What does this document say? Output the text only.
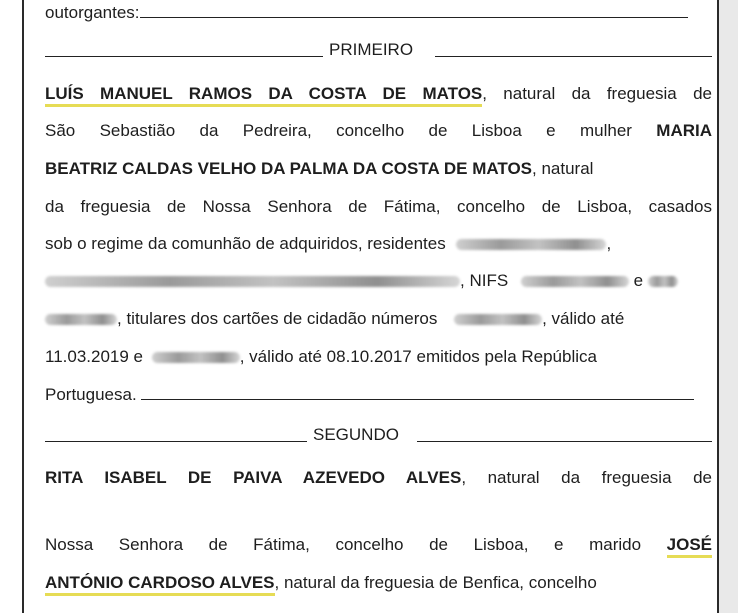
outorgantes:
PRIMEIRO
LUÍS MANUEL RAMOS DA COSTA DE MATOS, natural da freguesia de
São Sebastião da Pedreira, concelho de Lisboa e mulher MARIA
BEATRIZ CALDAS VELHO DA PALMA DA COSTA DE MATOS, natural
da freguesia de Nossa Senhora de Fátima, concelho de Lisboa, casados
sob o regime da comunhão de adquiridos, residentes	,
, NIFS	e
, titulares dos cartões de cidadão números	, válido até
11.03.2019 e	, válido até 08.10.2017 emitidos pela República
Portuguesa.
SEGUNDO
RITA ISABEL DE PAIVA AZEVEDO ALVES, natural da freguesia de
Nossa Senhora de Fátima, concelho de Lisboa, e marido JOSÉ
ANTÓNIO CARDOSO ALVES, natural da freguesia de Benfica, concelho
